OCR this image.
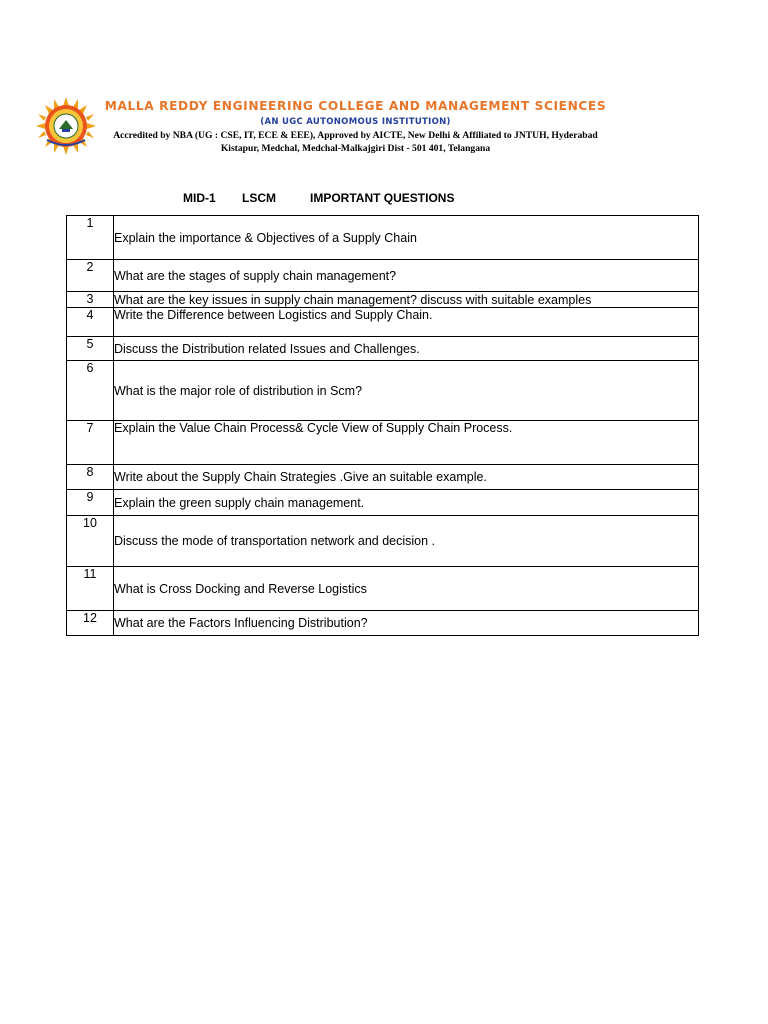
MALLA REDDY ENGINEERING COLLEGE AND MANAGEMENT SCIENCES
(AN UGC AUTONOMOUS INSTITUTION)
Accredited by NBA (UG : CSE, IT, ECE & EEE), Approved by AICTE, New Delhi & Affiliated to JNTUH, Hyderabad
Kistapur, Medchal, Medchal-Malkajgiri Dist - 501 401, Telangana
MID-1 LSCM	IMPORTANT QUESTIONS
1	Explain the importance & Objectives of a Supply Chain

2	What are the stages of supply chain management?

3	What are the key issues in supply chain management? discuss with suitable examples

4	Write the Difference between Logistics and Supply Chain.

5	Discuss the Distribution related Issues and Challenges.

6	What is the major role of distribution in Scm?

7	Explain the Value Chain Process& Cycle View of Supply Chain Process.

8	Write about the Supply Chain Strategies .Give an suitable example.

9	Explain the green supply chain management.

10	Discuss the mode of transportation network and decision .

11	What is Cross Docking and Reverse Logistics

12	What are the Factors Influencing Distribution?
